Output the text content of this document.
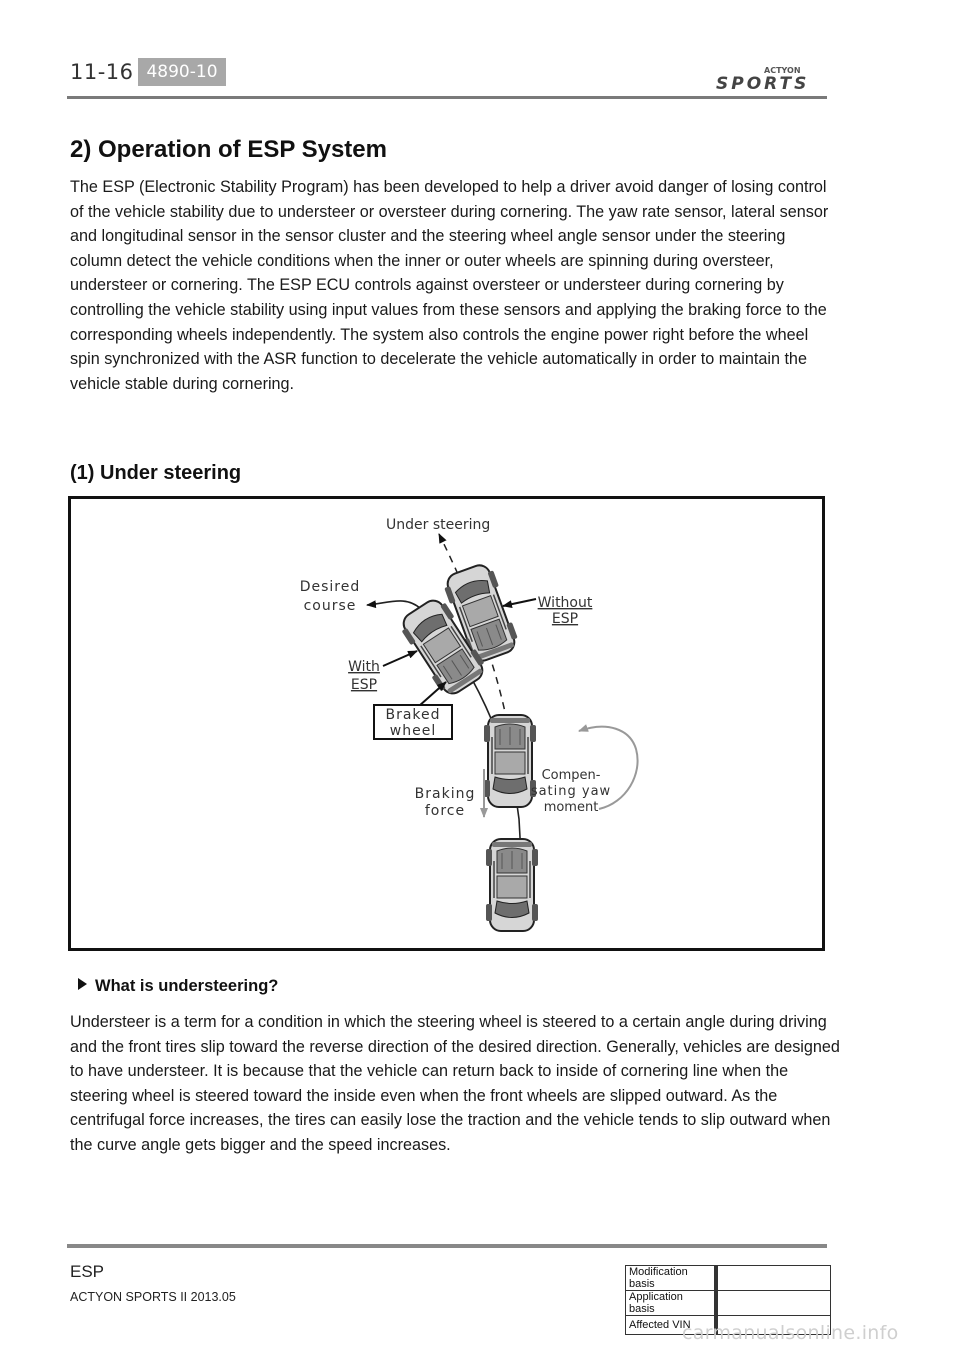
11-16 4890-10	ACTYON
SPORTS
2) Operation of ESP System
The ESP (Electronic Stability Program) has been developed to help a driver avoid danger of losing control of the vehicle stability due to understeer or oversteer during cornering. The yaw rate sensor, lateral sensor and longitudinal sensor in the sensor cluster and the steering wheel angle sensor under the steering column detect the vehicle conditions when the inner or outer wheels are spinning during oversteer, understeer or cornering. The ESP ECU controls against oversteer or understeer during cornering by controlling the vehicle stability using input values from these sensors and applying the braking force to the corresponding wheels independently. The system also controls the engine power right before the wheel spin synchronized with the ASR function to decelerate the vehicle automatically in order to maintain the vehicle stable during cornering.
(1) Under steering
Under steering
Desired
course	Without
ESP
With
ESP
Braked
wheel
Braking
force
Compen-
sating yaw
moment
What is understeering?
Understeer is a term for a condition in which the steering wheel is steered to a certain angle during driving and the front tires slip toward the reverse direction of the desired direction. Generally, vehicles are designed to have understeer. It is because that the vehicle can return back to inside of cornering line when the steering wheel is steered toward the inside even when the front wheels are slipped outward. As the centrifugal force increases, the tires can easily lose the traction and the vehicle tends to slip outward when the curve angle gets bigger and the speed increases.
ESP
ACTYON SPORTS II 2013.05
Modification basis	
Application basis	
Affected VIN	
carmanualsonline.info
